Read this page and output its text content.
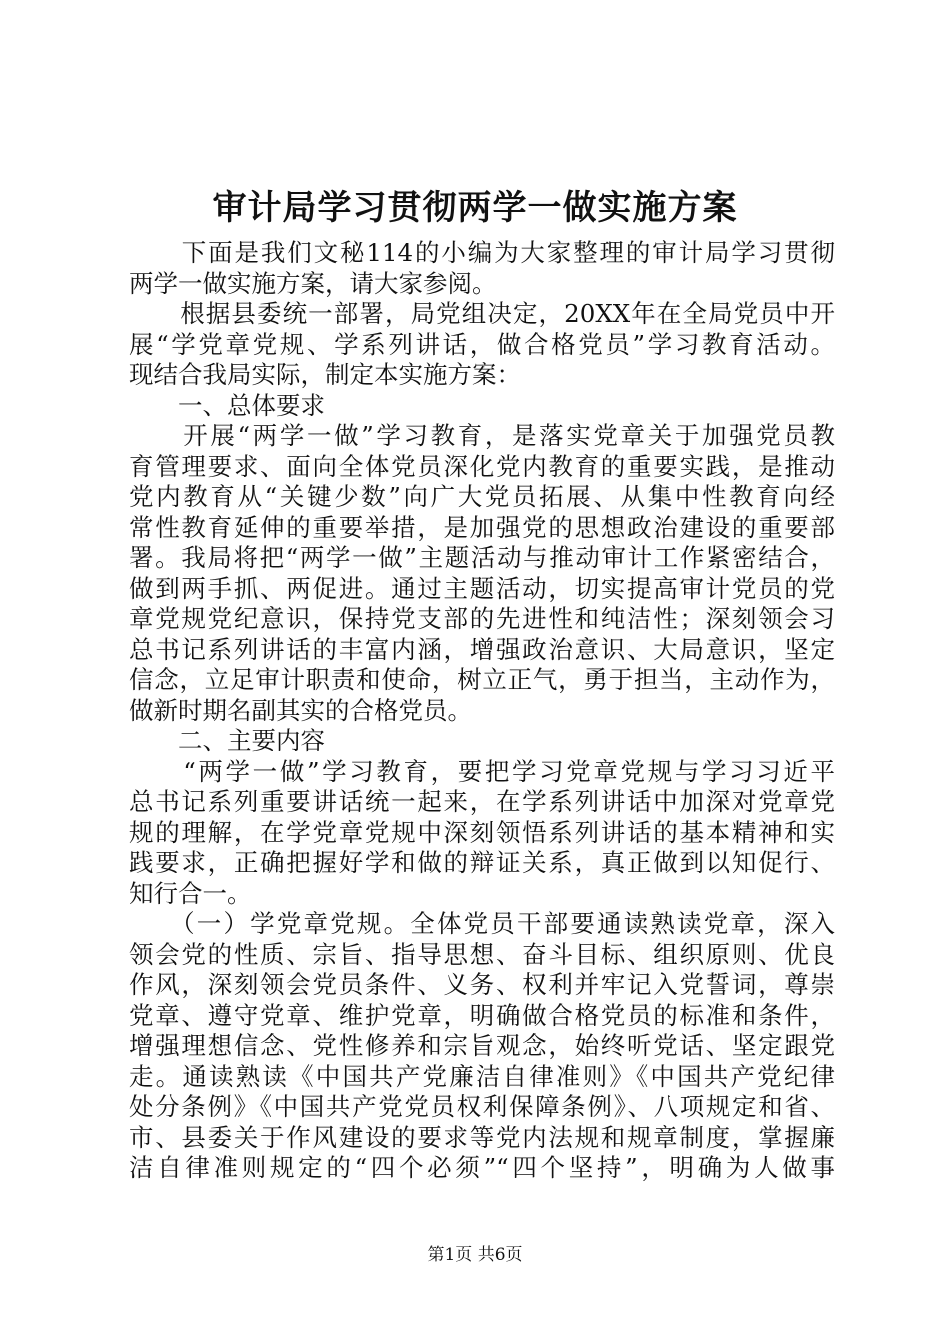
审计局学习贯彻两学一做实施方案
　　下面是我们文秘114的小编为大家整理的审计局学习贯彻
两学一做实施方案，请大家参阅。
　　根据县委统一部署，局党组决定，20XX年在全局党员中开
展“学党章党规、学系列讲话，做合格党员”学习教育活动。
现结合我局实际，制定本实施方案：
　　一、总体要求
　　开展“两学一做”学习教育，是落实党章关于加强党员教
育管理要求、面向全体党员深化党内教育的重要实践，是推动
党内教育从“关键少数”向广大党员拓展、从集中性教育向经
常性教育延伸的重要举措，是加强党的思想政治建设的重要部
署。我局将把“两学一做”主题活动与推动审计工作紧密结合，
做到两手抓、两促进。通过主题活动，切实提高审计党员的党
章党规党纪意识，保持党支部的先进性和纯洁性；深刻领会习
总书记系列讲话的丰富内涵，增强政治意识、大局意识，坚定
信念，立足审计职责和使命，树立正气，勇于担当，主动作为，
做新时期名副其实的合格党员。
　　二、主要内容
　　“两学一做”学习教育，要把学习党章党规与学习习近平
总书记系列重要讲话统一起来，在学系列讲话中加深对党章党
规的理解，在学党章党规中深刻领悟系列讲话的基本精神和实
践要求，正确把握好学和做的辩证关系，真正做到以知促行、
知行合一。
　　（一）学党章党规。全体党员干部要通读熟读党章，深入
领会党的性质、宗旨、指导思想、奋斗目标、组织原则、优良
作风，深刻领会党员条件、义务、权利并牢记入党誓词，尊崇
党章、遵守党章、维护党章，明确做合格党员的标准和条件，
增强理想信念、党性修养和宗旨观念，始终听党话、坚定跟党
走。通读熟读《中国共产党廉洁自律准则》《中国共产党纪律
处分条例》《中国共产党党员权利保障条例》、八项规定和省、
市、县委关于作风建设的要求等党内法规和规章制度，掌握廉
洁自律准则规定的“四个必须”“四个坚持”，明确为人做事
第1页 共6页
